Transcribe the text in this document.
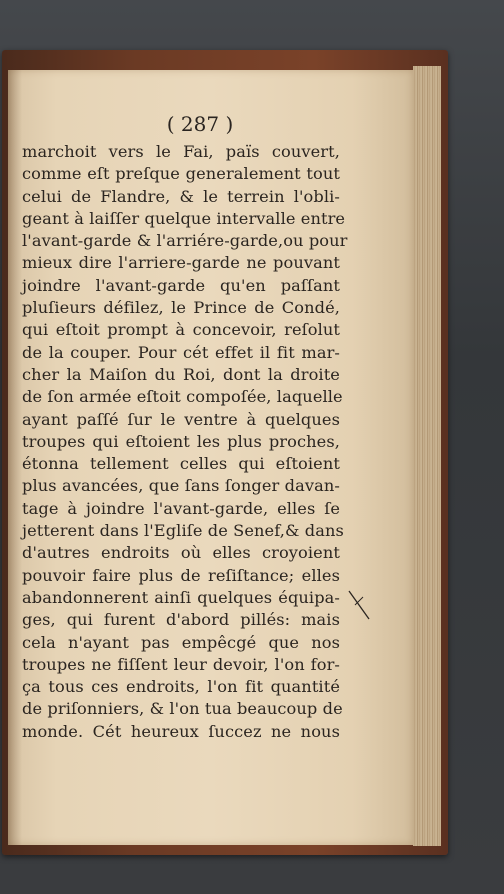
( 287 )
marchoit vers le Fai, païs couvert,
comme eſt preſque generalement tout
celui de Flandre, & le terrein l'obli-
geant à laiſſer quelque intervalle entre
l'avant-garde & l'arriére-garde,ou pour
mieux dire l'arriere-garde ne pouvant
joindre l'avant-garde qu'en paſſant
pluſieurs défilez, le Prince de Condé,
qui eſtoit prompt à concevoir, reſolut
de la couper. Pour cét effet il fit mar-
cher la Maiſon du Roi, dont la droite
de ſon armée eſtoit compoſée, laquelle
ayant paſſé ſur le ventre à quelques
troupes qui eſtoient les plus proches,
étonna tellement celles qui eſtoient
plus avancées, que ſans ſonger davan-
tage à joindre l'avant-garde, elles ſe
jetterent dans l'Egliſe de Senef,& dans
d'autres endroits où elles croyoient
pouvoir faire plus de reſiſtance; elles
abandonnerent ainſi quelques équipa-
ges, qui furent d'abord pillés: mais
cela n'ayant pas empêcgé que nos
troupes ne fiſſent leur devoir, l'on for-
ça tous ces endroits, l'on fit quantité
de priſonniers, & l'on tua beaucoup de
monde. Cét heureux ſuccez ne nous
